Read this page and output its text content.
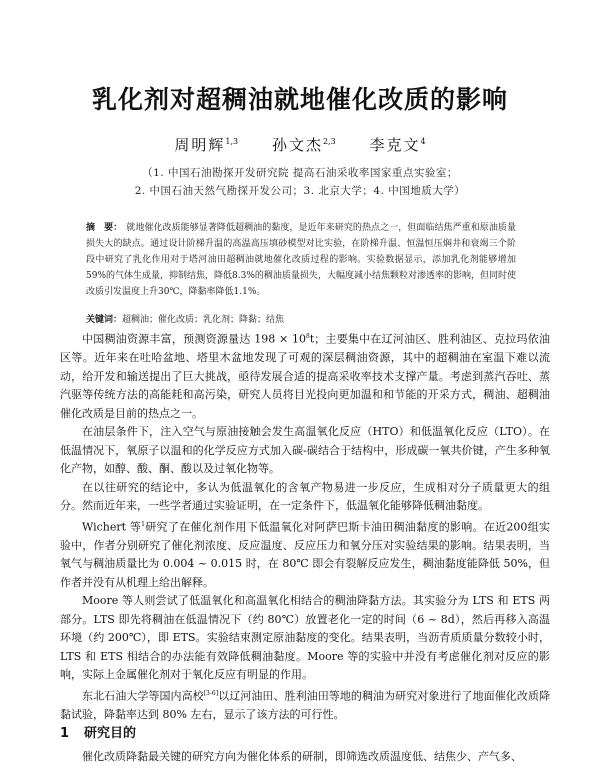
乳化剂对超稠油就地催化改质的影响
周明辉$^{1,3}$ 孙文杰$^{2,3}$ 李克文$^4$
（1. 中国石油勘探开发研究院 提高石油采收率国家重点实验室；
2. 中国石油天然气勘探开发公司；3. 北京大学；4. 中国地质大学）
摘　要： 就地催化改质能够显著降低超稠油的黏度，是近年来研究的热点之一，但面临结焦严重和原油质量损失大的缺点。通过设计阶梯升温的高温高压填砂模型对比实验，在阶梯升温、恒温恒压焖井和衰竭三个阶段中研究了乳化作用对于塔河油田超稠油就地催化改质过程的影响。实验数据显示，添加乳化剂能够增加59%的气体生成量，抑制结焦，降低8.3%的稠油质量损失，大幅度减小结焦颗粒对渗透率的影响，但同时使改质引发温度上升30℃，降黏率降低1.1%。
关键词：超稠油；催化改质；乳化剂；降黏；结焦

中国稠油资源丰富，预测资源量达 $198 \times 10^8t$；主要集中在辽河油区、胜利油区、克拉玛依油区等。近年来在吐哈盆地、塔里木盆地发现了可观的深层稠油资源，其中的超稠油在室温下难以流动，给开发和输送提出了巨大挑战，亟待发展合适的提高采收率技术支撑产量。考虑到蒸汽吞吐、蒸汽驱等传统方法的高能耗和高污染，研究人员将目光投向更加温和和节能的开采方式，稠油、超稠油催化改质是目前的热点之一。

在油层条件下，注入空气与原油接触会发生高温氧化反应（HTO）和低温氧化反应（LTO）。在低温情况下，氧原子以温和的化学反应方式加入碳-碳结合于结构中，形成碳一氧共价键，产生多种氧化产物，如醇、酸、酮、酸以及过氧化物等。

在以往研究的结论中，多认为低温氧化的含氧产物易进一步反应，生成相对分子质量更大的组分。然而近年来，一些学者通过实验证明，在一定条件下，低温氧化能够降低稠油黏度。

Wichert 等$^1$研究了在催化剂作用下低温氧化对阿萨巴斯卡油田稠油黏度的影响。在近200组实验中，作者分别研究了催化剂浓度、反应温度、反应压力和氧分压对实验结果的影响。结果表明，当氧气与稠油质量比为 0.004 ~ 0.015 时，在 80℃ 即会有裂解反应发生，稠油黏度能降低 50%，但作者并没有从机理上给出解释。

Moore 等人则尝试了低温氧化和高温氧化相结合的稠油降黏方法。其实验分为 LTS 和 ETS 两部分。LTS 即先将稠油在低温情况下（约 80℃）放置老化一定的时间（6 ~ 8d），然后再移入高温环境（约 200℃），即 ETS。实验结束测定原油黏度的变化。结果表明，当沥青质质量分数较小时，LTS 和 ETS 相结合的办法能有效降低稠油黏度。Moore 等的实验中并没有考虑催化剂对反应的影响，实际上金属催化剂对于氧化反应有明显的作用。

东北石油大学等国内高校[3-6]以辽河油田、胜利油田等地的稠油为研究对象进行了地面催化改质降黏试验，降黏率达到 80% 左右，显示了该方法的可行性。

1 研究目的
催化改质降黏最关键的研究方向为催化体系的研制，即筛选改质温度低、结焦少、产气多、
